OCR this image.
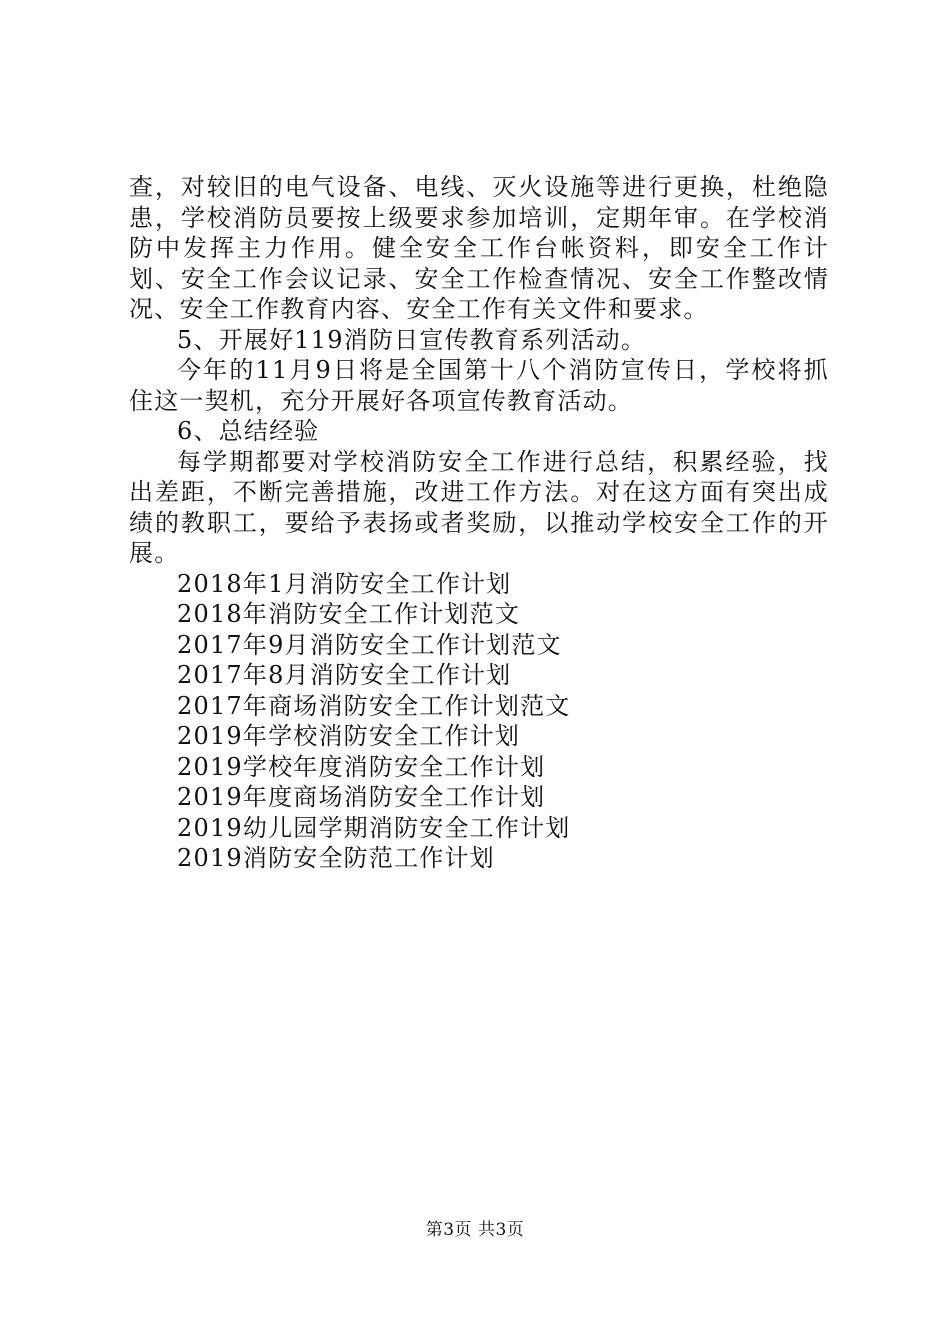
查，对较旧的电气设备、电线、灭火设施等进行更换，杜绝隐患，学校消防员要按上级要求参加培训，定期年审。在学校消防中发挥主力作用。健全安全工作台帐资料，即安全工作计划、安全工作会议记录、安全工作检查情况、安全工作整改情况、安全工作教育内容、安全工作有关文件和要求。

5、开展好119消防日宣传教育系列活动。

今年的11月9日将是全国第十八个消防宣传日，学校将抓住这一契机，充分开展好各项宣传教育活动。

6、总结经验

每学期都要对学校消防安全工作进行总结，积累经验，找出差距，不断完善措施，改进工作方法。对在这方面有突出成绩的教职工，要给予表扬或者奖励，以推动学校安全工作的开展。

2018年1月消防安全工作计划
2018年消防安全工作计划范文
2017年9月消防安全工作计划范文
2017年8月消防安全工作计划
2017年商场消防安全工作计划范文
2019年学校消防安全工作计划
2019学校年度消防安全工作计划
2019年度商场消防安全工作计划
2019幼儿园学期消防安全工作计划
2019消防安全防范工作计划
第3页 共3页
